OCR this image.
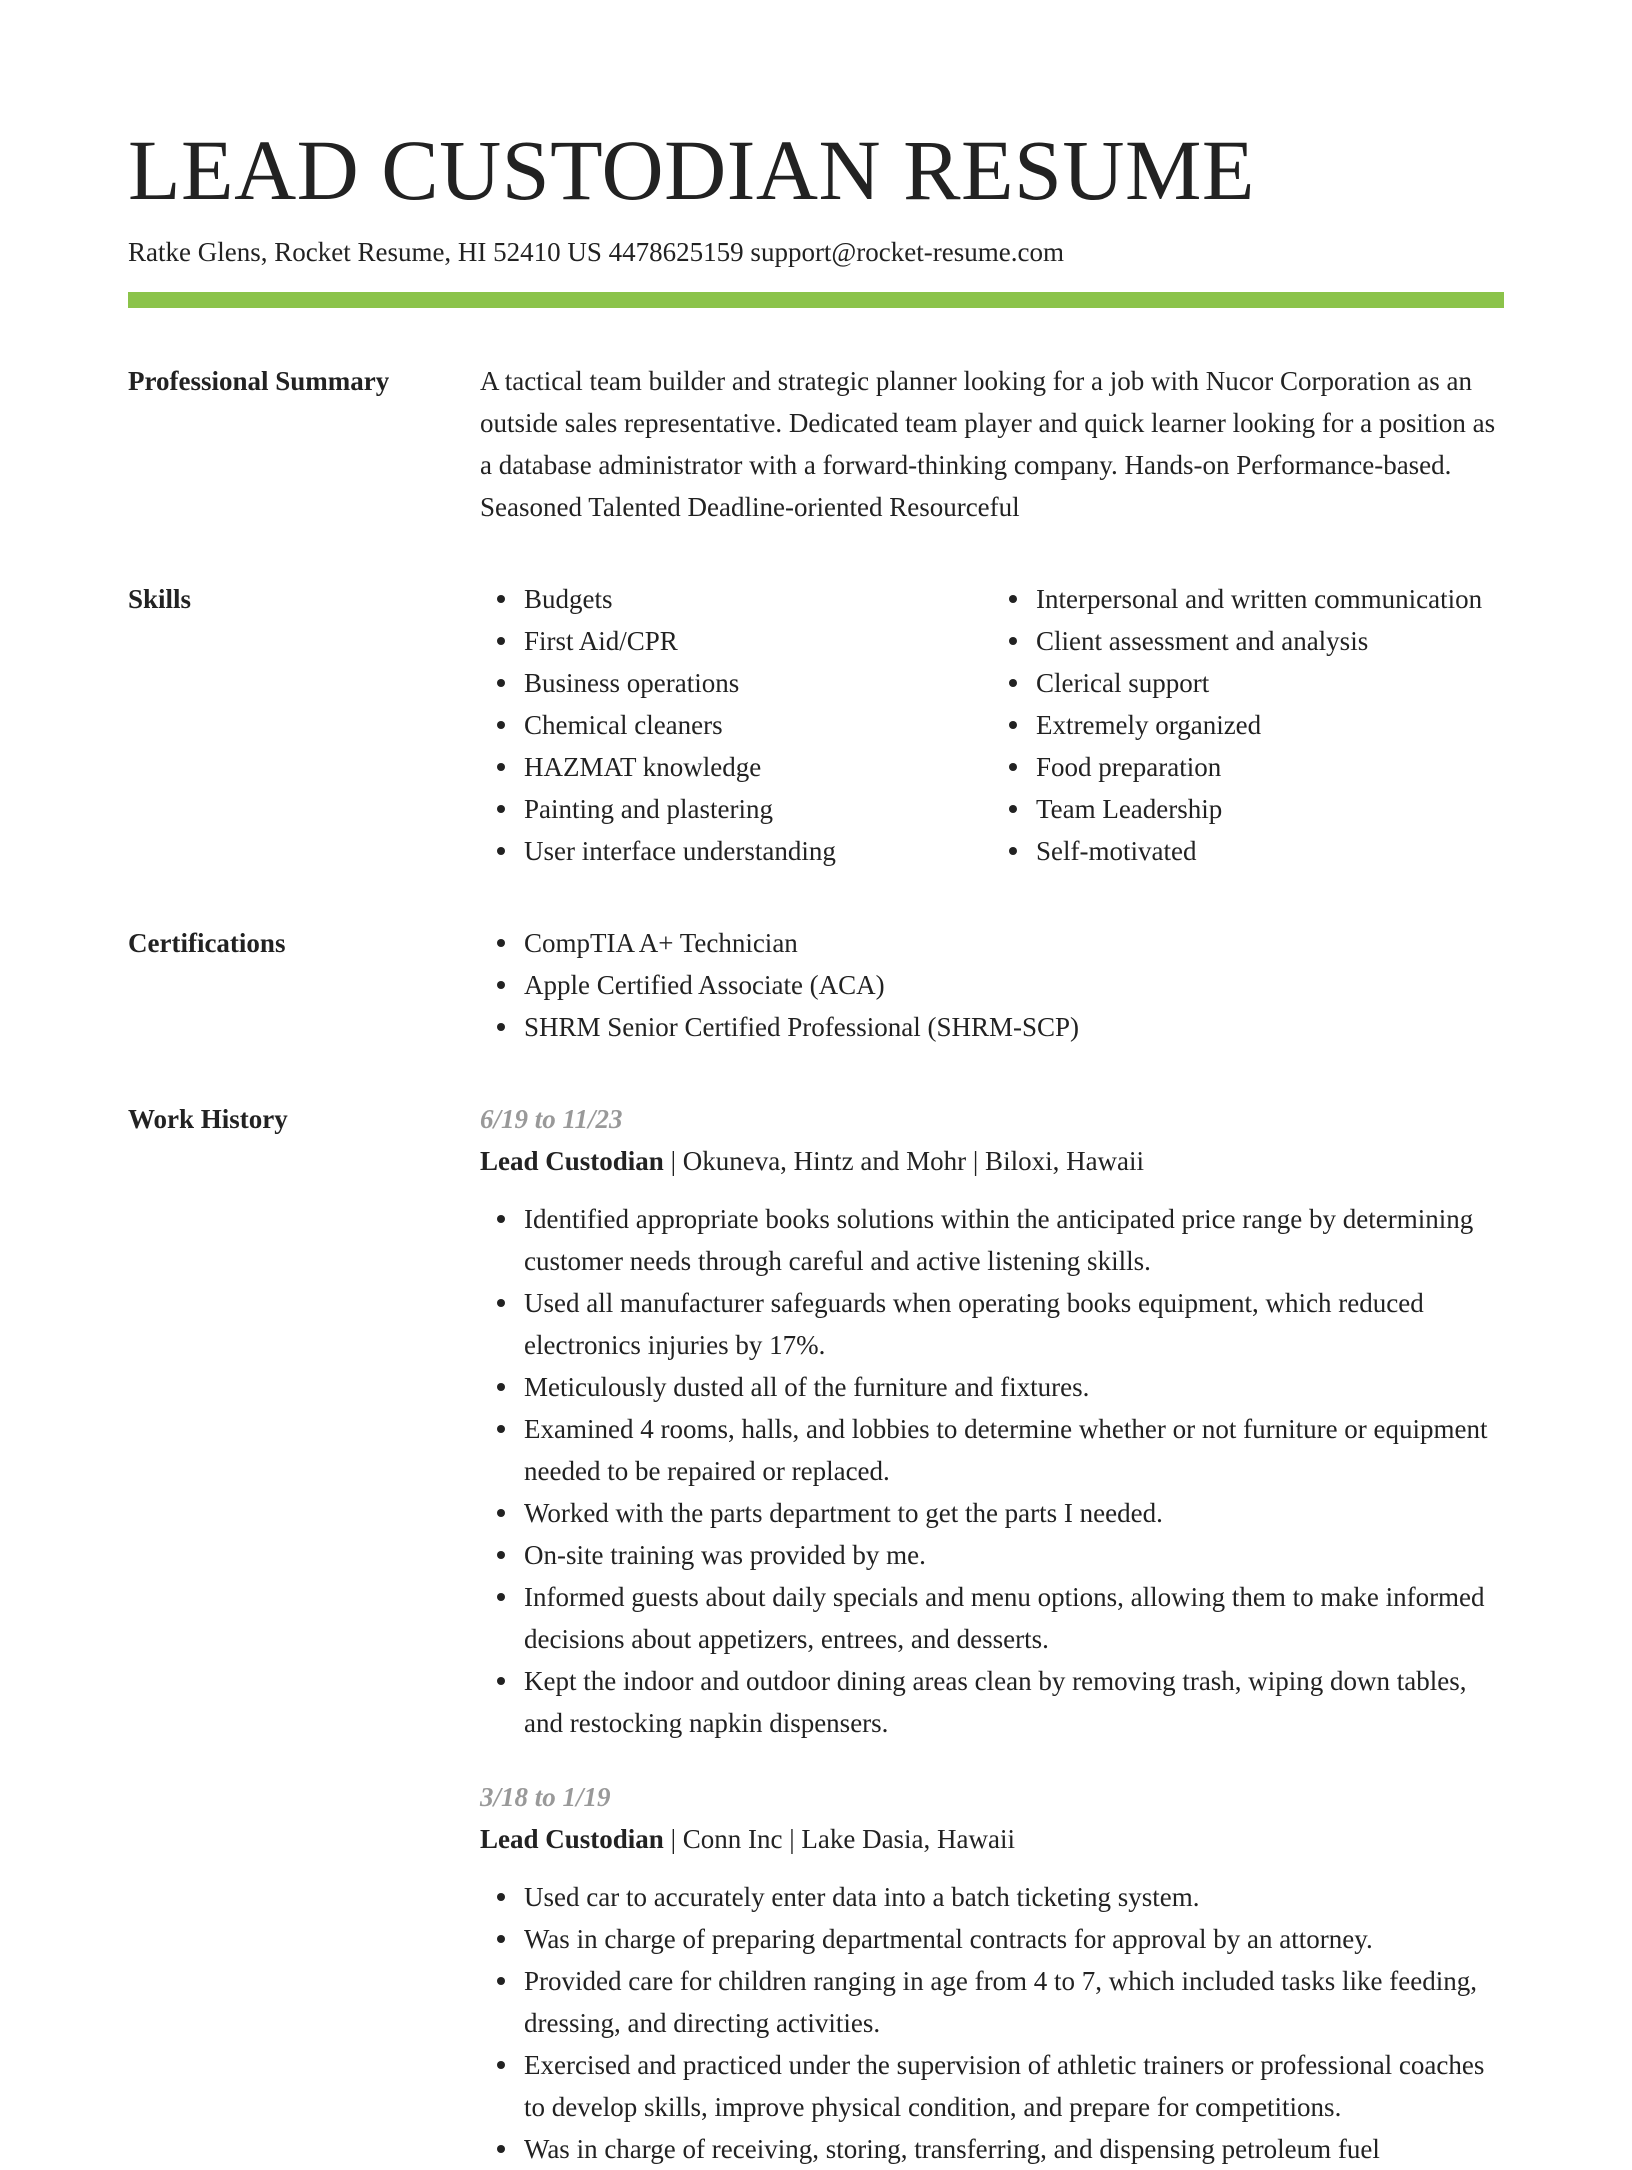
LEAD CUSTODIAN RESUME
Ratke Glens, Rocket Resume, HI 52410 US 4478625159 support@rocket-resume.com
Professional Summary	A tactical team builder and strategic planner looking for a job with Nucor Corporation as an outside sales representative. Dedicated team player and quick learner looking for a position as a database administrator with a forward-thinking company. Hands-on Performance-based. Seasoned Talented Deadline-oriented Resourceful

Skills	Budgets
First Aid/CPR
Business operations
Chemical cleaners
HAZMAT knowledge
Painting and plastering
User interface understanding
Interpersonal and written communication
Client assessment and analysis
Clerical support
Extremely organized
Food preparation
Team Leadership
Self-motivated
Certifications	CompTIA A+ Technician
Apple Certified Associate (ACA)
SHRM Senior Certified Professional (SHRM-SCP)
Work History	6/19 to 11/23
Lead Custodian | Okuneva, Hintz and Mohr | Biloxi, Hawaii
Identified appropriate books solutions within the anticipated price range by determining customer needs through careful and active listening skills.
Used all manufacturer safeguards when operating books equipment, which reduced electronics injuries by 17%.
Meticulously dusted all of the furniture and fixtures.
Examined 4 rooms, halls, and lobbies to determine whether or not furniture or equipment needed to be repaired or replaced.
Worked with the parts department to get the parts I needed.
On-site training was provided by me.
Informed guests about daily specials and menu options, allowing them to make informed decisions about appetizers, entrees, and desserts.
Kept the indoor and outdoor dining areas clean by removing trash, wiping down tables, and restocking napkin dispensers.
3/18 to 1/19
Lead Custodian | Conn Inc | Lake Dasia, Hawaii
Used car to accurately enter data into a batch ticketing system.
Was in charge of preparing departmental contracts for approval by an attorney.
Provided care for children ranging in age from 4 to 7, which included tasks like feeding, dressing, and directing activities.
Exercised and practiced under the supervision of athletic trainers or professional coaches to develop skills, improve physical condition, and prepare for competitions.
Was in charge of receiving, storing, transferring, and dispensing petroleum fuel
